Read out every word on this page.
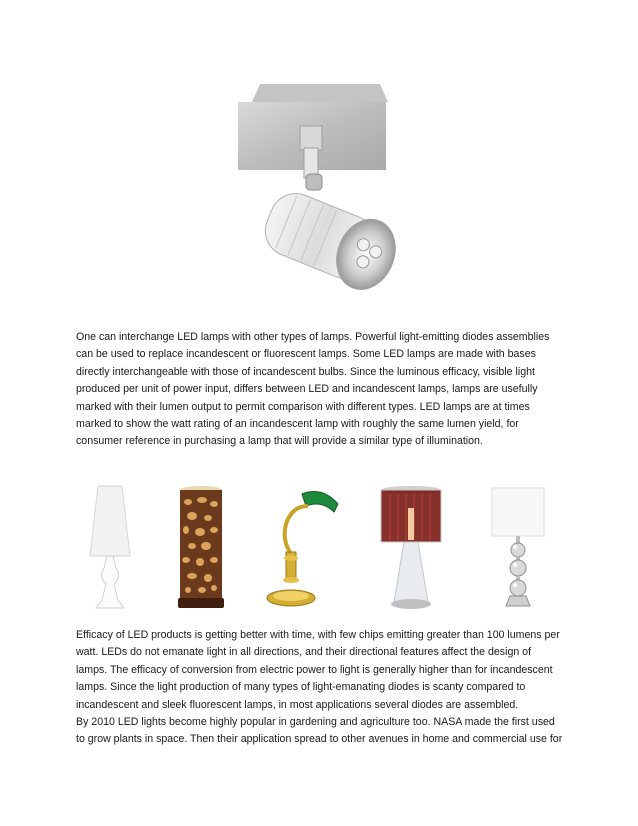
One can interchange LED lamps with other types of lamps. Powerful light-emitting diodes assemblies can be used to replace incandescent or fluorescent lamps. Some LED lamps are made with bases directly interchangeable with those of incandescent bulbs. Since the luminous efficacy, visible light produced per unit of power input, differs between LED and incandescent lamps, lamps are usefully marked with their lumen output to permit comparison with different types. LED lamps are at times marked to show the watt rating of an incandescent lamp with roughly the same lumen yield, for consumer reference in purchasing a lamp that will provide a similar type of illumination.

Efficacy of LED products is getting better with time, with few chips emitting greater than 100 lumens per watt. LEDs do not emanate light in all directions, and their directional features affect the design of lamps. The efficacy of conversion from electric power to light is generally higher than for incandescent lamps. Since the light production of many types of light-emanating diodes is scanty compared to incandescent and sleek fluorescent lamps, in most applications several diodes are assembled.

By 2010 LED lights become highly popular in gardening and agriculture too. NASA made the first used to grow plants in space. Then their application spread to other avenues in home and commercial use for
